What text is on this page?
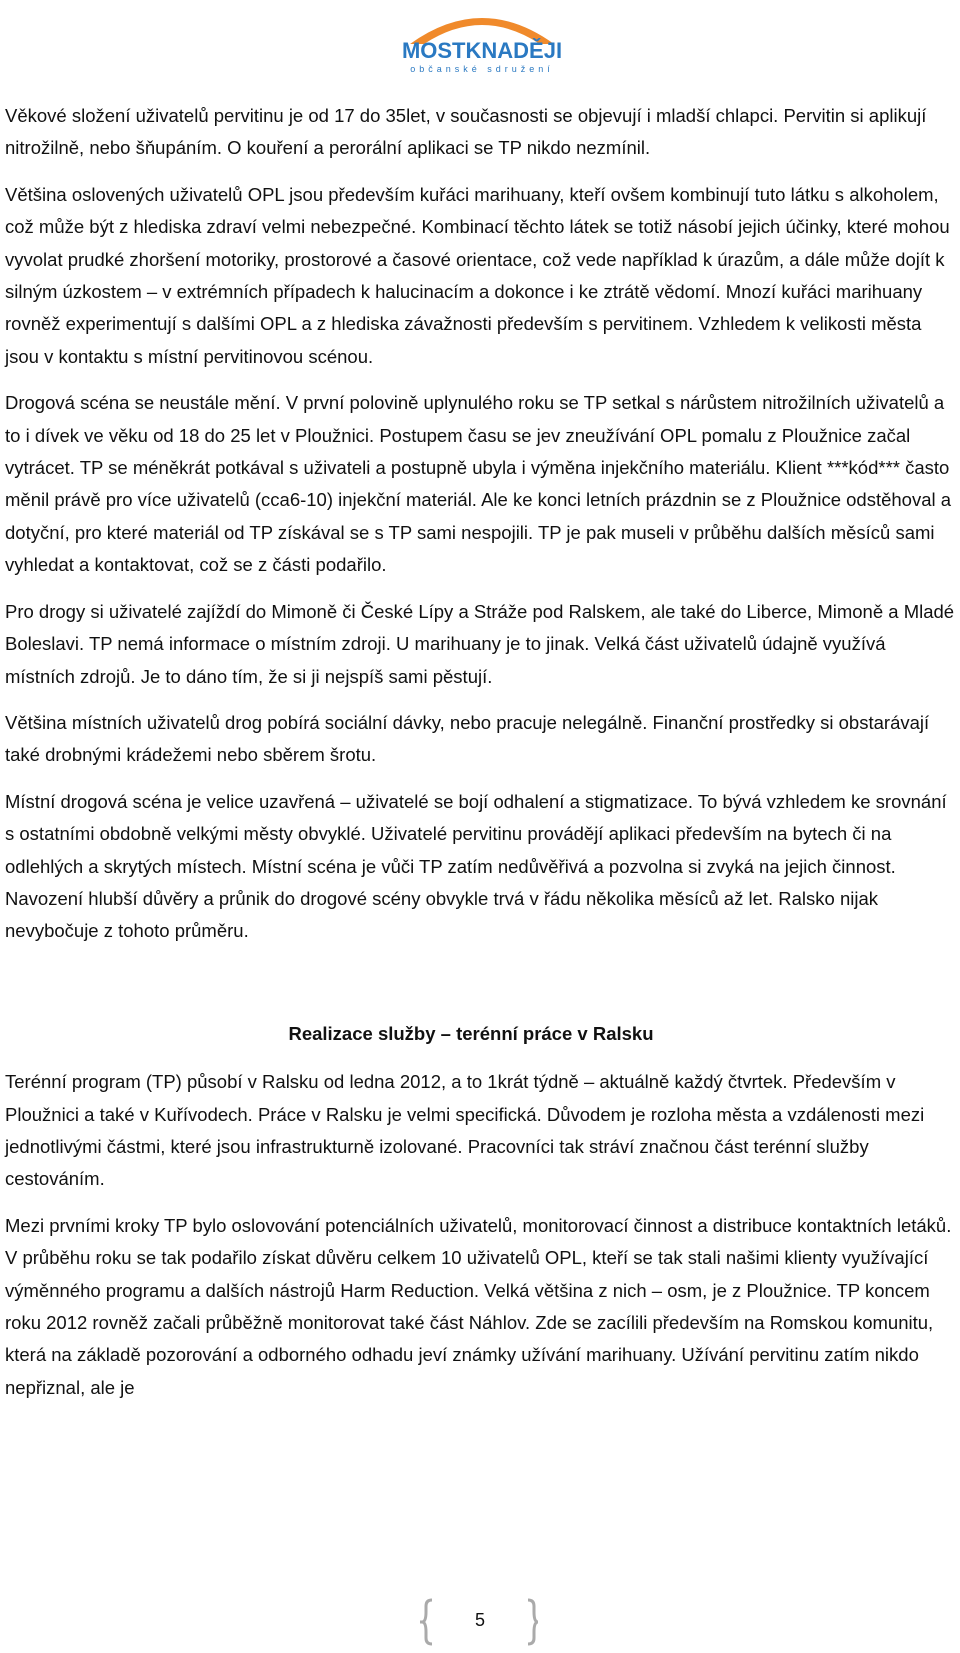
MOSTKNADĚJI
občanské sdružení

Věkové složení uživatelů pervitinu je od 17 do 35let, v současnosti se objevují i mladší chlapci. Pervitin si aplikují nitrožilně, nebo šňupáním. O kouření a perorální aplikaci se TP nikdo nezmínil.

Většina oslovených uživatelů OPL jsou především kuřáci marihuany, kteří ovšem kombinují tuto látku s alkoholem, což může být z hlediska zdraví velmi nebezpečné. Kombinací těchto látek se totiž násobí jejich účinky, které mohou vyvolat prudké zhoršení motoriky, prostorové a časové orientace, což vede například k úrazům, a dále může dojít k silným úzkostem – v extrémních případech k halucinacím a dokonce i ke ztrátě vědomí. Mnozí kuřáci marihuany rovněž experimentují s dalšími OPL a z hlediska závažnosti především s pervitinem. Vzhledem k velikosti města jsou v kontaktu s místní pervitinovou scénou.

Drogová scéna se neustále mění. V první polovině uplynulého roku se TP setkal s nárůstem nitrožilních uživatelů a to i dívek ve věku od 18 do 25 let v Ploužnici. Postupem času se jev zneužívání OPL pomalu z Ploužnice začal vytrácet. TP se méněkrát potkával s uživateli a postupně ubyla i výměna injekčního materiálu. Klient ***kód*** často měnil právě pro více uživatelů (cca6-10) injekční materiál. Ale ke konci letních prázdnin se z Ploužnice odstěhoval a dotyční, pro které materiál od TP získával se s TP sami nespojili. TP je pak museli v průběhu dalších měsíců sami vyhledat a kontaktovat, což se z části podařilo.

Pro drogy si uživatelé zajíždí do Mimoně či České Lípy a Stráže pod Ralskem, ale také do Liberce, Mimoně a Mladé Boleslavi. TP nemá informace o místním zdroji. U marihuany je to jinak. Velká část uživatelů údajně využívá místních zdrojů. Je to dáno tím, že si ji nejspíš sami pěstují.

Většina místních uživatelů drog pobírá sociální dávky, nebo pracuje nelegálně. Finanční prostředky si obstarávají také drobnými krádežemi nebo sběrem šrotu.

Místní drogová scéna je velice uzavřená – uživatelé se bojí odhalení a stigmatizace. To bývá vzhledem ke srovnání s ostatními obdobně velkými městy obvyklé. Uživatelé pervitinu provádějí aplikaci především na bytech či na odlehlých a skrytých místech. Místní scéna je vůči TP zatím nedůvěřivá a pozvolna si zvyká na jejich činnost. Navození hlubší důvěry a průnik do drogové scény obvykle trvá v řádu několika měsíců až let. Ralsko nijak nevybočuje z tohoto průměru.

Realizace služby – terénní práce v Ralsku

Terénní program (TP) působí v Ralsku od ledna 2012, a to 1krát týdně – aktuálně každý čtvrtek. Především v Ploužnici a také v Kuřívodech. Práce v Ralsku je velmi specifická. Důvodem je rozloha města a vzdálenosti mezi jednotlivými částmi, které jsou infrastrukturně izolované. Pracovníci tak stráví značnou část terénní služby cestováním.

Mezi prvními kroky TP bylo oslovování potenciálních uživatelů, monitorovací činnost a distribuce kontaktních letáků. V průběhu roku se tak podařilo získat důvěru celkem 10 uživatelů OPL, kteří se tak stali našimi klienty využívající výměnného programu a dalších nástrojů Harm Reduction. Velká většina z nich – osm, je z Ploužnice. TP koncem roku 2012 rovněž začali průběžně monitorovat také část Náhlov. Zde se zacílili především na Romskou komunitu, která na základě pozorování a odborného odhadu jeví známky užívání marihuany. Užívání pervitinu zatím nikdo nepřiznal, ale je

5
